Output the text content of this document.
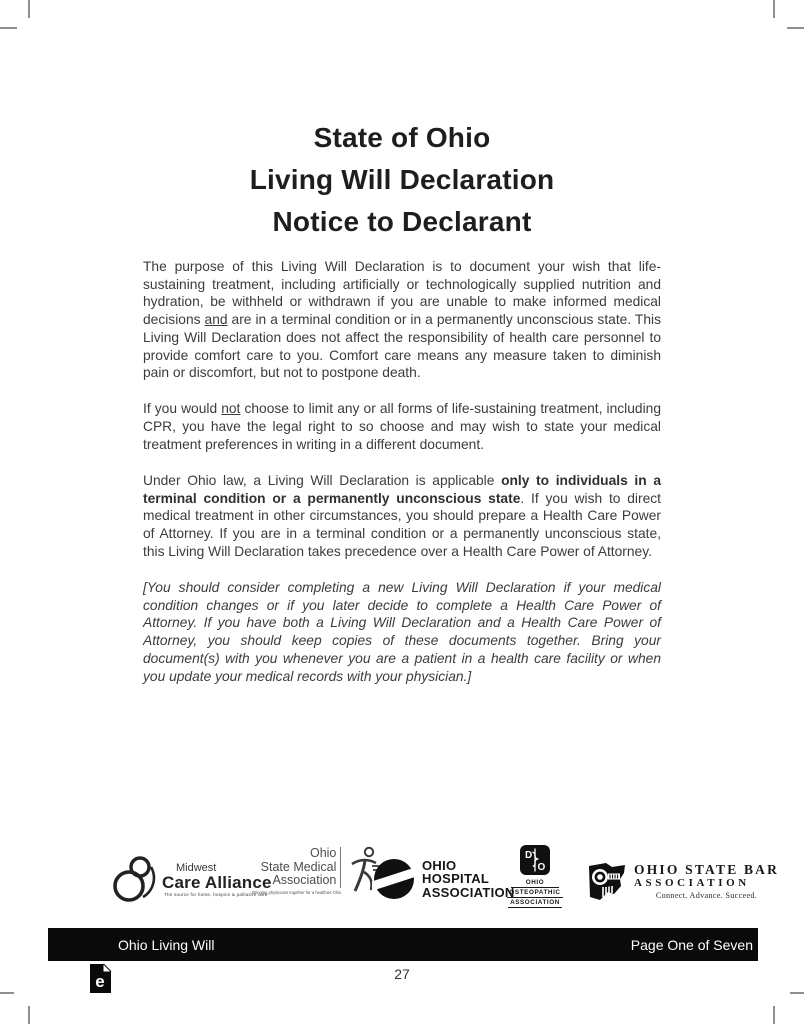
State of Ohio
Living Will Declaration
Notice to Declarant

The purpose of this Living Will Declaration is to document your wish that life-sustaining treatment, including artificially or technologically supplied nutrition and hydration, be withheld or withdrawn if you are unable to make informed medical decisions and are in a terminal condition or in a permanently unconscious state. This Living Will Declaration does not affect the responsibility of health care personnel to provide comfort care to you. Comfort care means any measure taken to diminish pain or discomfort, but not to postpone death.

If you would not choose to limit any or all forms of life-sustaining treatment, including CPR, you have the legal right to so choose and may wish to state your medical treatment preferences in writing in a different document.

Under Ohio law, a Living Will Declaration is applicable only to individuals in a terminal condition or a permanently unconscious state. If you wish to direct medical treatment in other circumstances, you should prepare a Health Care Power of Attorney. If you are in a terminal condition or a permanently unconscious state, this Living Will Declaration takes precedence over a Health Care Power of Attorney.

[You should consider completing a new Living Will Declaration if your medical condition changes or if you later decide to complete a Health Care Power of Attorney. If you have both a Living Will Declaration and a Health Care Power of Attorney, you should keep copies of these documents together. Bring your document(s) with you whenever you are a patient in a health care facility or when you update your medical records with your physician.]

Midwest
Care Alliance
The source for home, hospice & palliative care
Ohio
State Medical
Association
Bringing physicians together for a healthier Ohio
OHIO
HOSPITAL
ASSOCIATION
D
O
OHIO
OSTEOPATHIC
ASSOCIATION
OHIO STATE BAR
ASSOCIATION
Connect. Advance. Succeed.
Ohio Living Will	Page One of Seven
27
e
